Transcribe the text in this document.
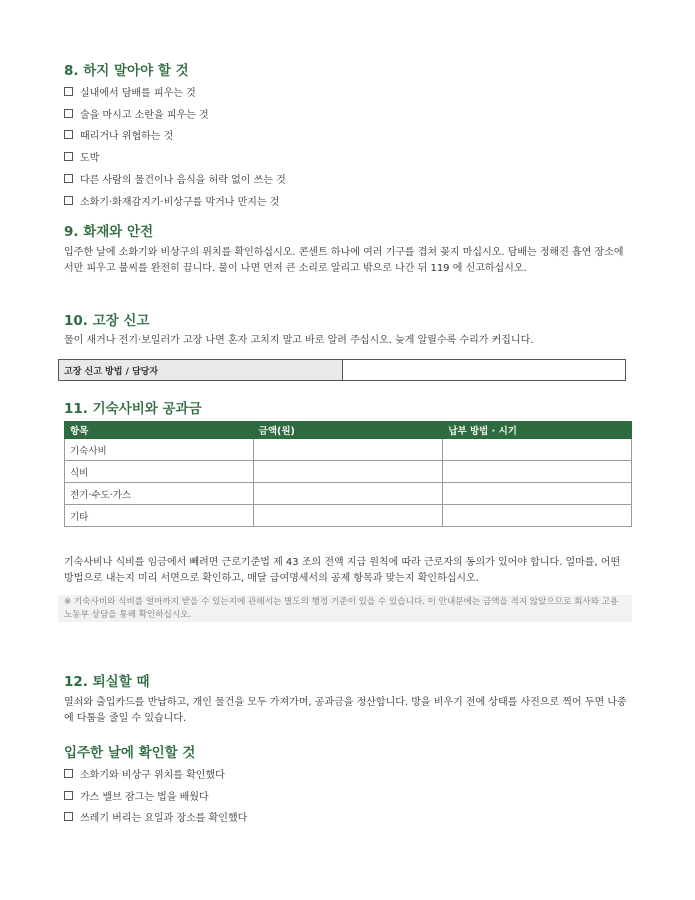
8. 하지 말아야 할 것
실내에서 담배를 피우는 것
술을 마시고 소란을 피우는 것
때리거나 위협하는 것
도박
다른 사람의 물건이나 음식을 허락 없이 쓰는 것
소화기·화재감지기·비상구를 막거나 만지는 것
9. 화재와 안전
입주한 날에 소화기와 비상구의 위치를 확인하십시오. 콘센트 하나에 여러 기구를 겹쳐 꽂지 마십시오. 담배는 정해진 흡연 장소에서만 피우고 불씨를 완전히 끕니다. 불이 나면 먼저 큰 소리로 알리고 밖으로 나간 뒤 119 에 신고하십시오.
10. 고장 신고
물이 새거나 전기·보일러가 고장 나면 혼자 고치지 말고 바로 알려 주십시오. 늦게 알릴수록 수리가 커집니다.
고장 신고 방법 / 담당자	
11. 기숙사비와 공과금
항목	금액(원)	납부 방법 · 시기
기숙사비		
식비		
전기·수도·가스		
기타		
기숙사비나 식비를 임금에서 빼려면 근로기준법 제 43 조의 전액 지급 원칙에 따라 근로자의 동의가 있어야 합니다. 얼마를, 어떤 방법으로 내는지 미리 서면으로 확인하고, 매달 급여명세서의 공제 항목과 맞는지 확인하십시오.
※ 기숙사비와 식비를 얼마까지 받을 수 있는지에 관해서는 별도의 행정 기준이 있을 수 있습니다. 이 안내문에는 금액을 적지 않았으므로 회사와 고용노동부 상담을 통해 확인하십시오.
12. 퇴실할 때
열쇠와 출입카드를 반납하고, 개인 물건을 모두 가져가며, 공과금을 정산합니다. 방을 비우기 전에 상태를 사진으로 찍어 두면 나중에 다툼을 줄일 수 있습니다.
입주한 날에 확인할 것
소화기와 비상구 위치를 확인했다
가스 밸브 잠그는 법을 배웠다
쓰레기 버리는 요일과 장소를 확인했다
